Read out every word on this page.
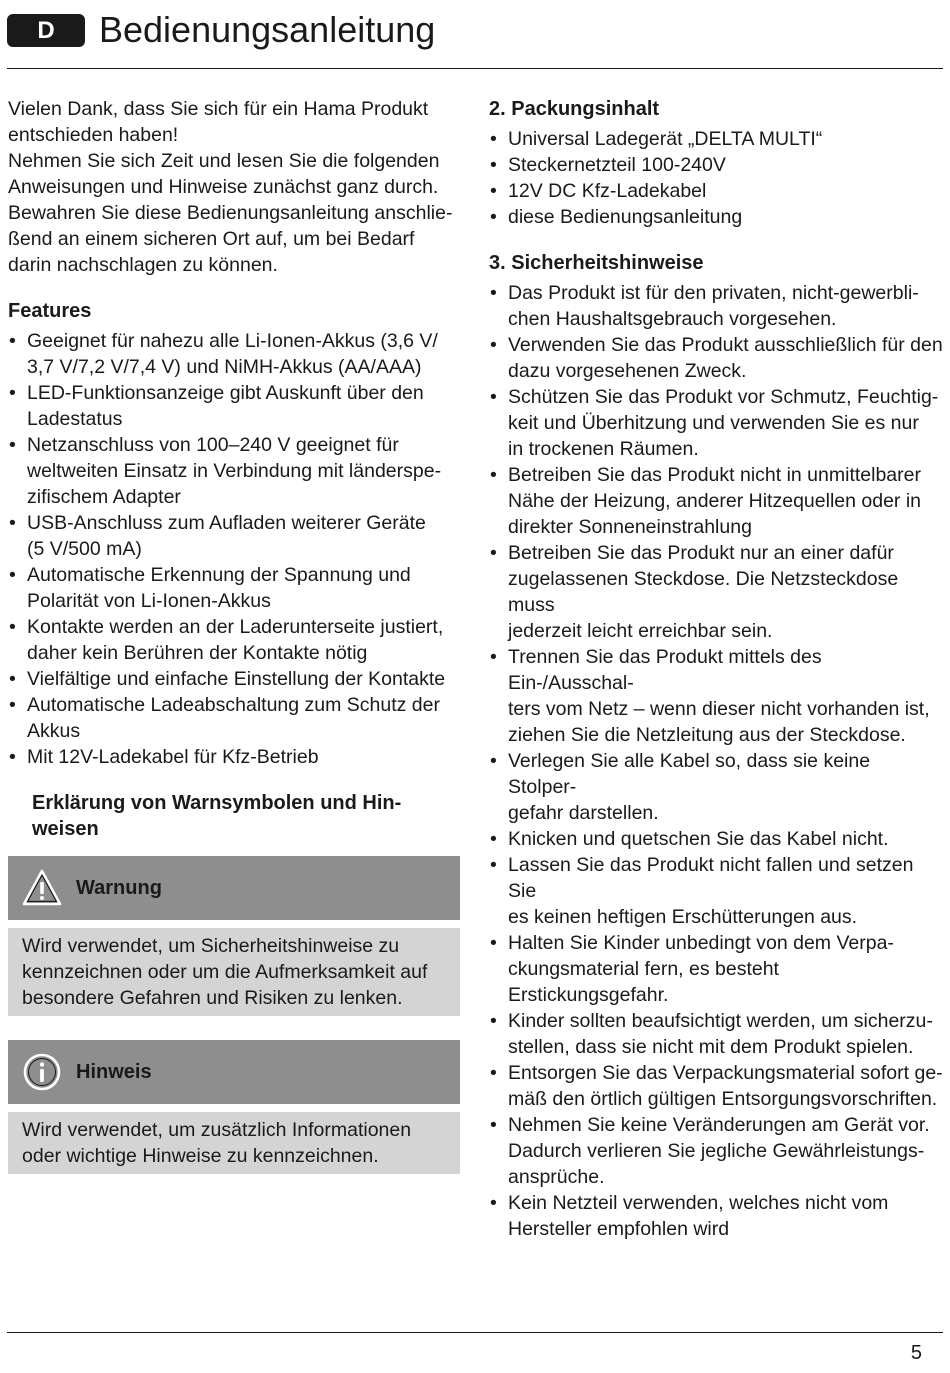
D	Bedienungsanleitung

Vielen Dank, dass Sie sich für ein Hama Produkt
entschieden haben!
Nehmen Sie sich Zeit und lesen Sie die folgenden
Anweisungen und Hinweise zunächst ganz durch.
Bewahren Sie diese Bedienungsanleitung anschlie-
ßend an einem sicheren Ort auf, um bei Bedarf
darin nachschlagen zu können.

Features
• Geeignet für nahezu alle Li-Ionen-Akkus (3,6 V/
3,7 V/7,2 V/7,4 V) und NiMH-Akkus (AA/AAA)
• LED-Funktionsanzeige gibt Auskunft über den
Ladestatus
• Netzanschluss von 100–240 V geeignet für
weltweiten Einsatz in Verbindung mit länderspe-
zifischem Adapter
• USB-Anschluss zum Aufladen weiterer Geräte
(5 V/500 mA)
• Automatische Erkennung der Spannung und
Polarität von Li-Ionen-Akkus
• Kontakte werden an der Laderunterseite justiert,
daher kein Berühren der Kontakte nötig
• Vielfältige und einfache Einstellung der Kontakte
• Automatische Ladeabschaltung zum Schutz der
Akkus
• Mit 12V-Ladekabel für Kfz-Betrieb
Erklärung von Warnsymbolen und Hin-
weisen
Warnung
Wird verwendet, um Sicherheitshinweise zu
kennzeichnen oder um die Aufmerksamkeit auf
besondere Gefahren und Risiken zu lenken.
Hinweis
Wird verwendet, um zusätzlich Informationen
oder wichtige Hinweise zu kennzeichnen.
2. Packungsinhalt
• Universal Ladegerät „DELTA MULTI“
• Steckernetzteil 100-240V
• 12V DC Kfz-Ladekabel
• diese Bedienungsanleitung
3. Sicherheitshinweise
• Das Produkt ist für den privaten, nicht-gewerbli-
chen Haushaltsgebrauch vorgesehen.
• Verwenden Sie das Produkt ausschließlich für den
dazu vorgesehenen Zweck.
• Schützen Sie das Produkt vor Schmutz, Feuchtig-
keit und Überhitzung und verwenden Sie es nur
in trockenen Räumen.
• Betreiben Sie das Produkt nicht in unmittelbarer
Nähe der Heizung, anderer Hitzequellen oder in
direkter Sonneneinstrahlung
• Betreiben Sie das Produkt nur an einer dafür
zugelassenen Steckdose. Die Netzsteckdose muss
jederzeit leicht erreichbar sein.
• Trennen Sie das Produkt mittels des Ein-/Ausschal-
ters vom Netz – wenn dieser nicht vorhanden ist,
ziehen Sie die Netzleitung aus der Steckdose.
• Verlegen Sie alle Kabel so, dass sie keine Stolper-
gefahr darstellen.
• Knicken und quetschen Sie das Kabel nicht.
• Lassen Sie das Produkt nicht fallen und setzen Sie
es keinen heftigen Erschütterungen aus.
• Halten Sie Kinder unbedingt von dem Verpa-
ckungsmaterial fern, es besteht Erstickungsgefahr.
• Kinder sollten beaufsichtigt werden, um sicherzu-
stellen, dass sie nicht mit dem Produkt spielen.
• Entsorgen Sie das Verpackungsmaterial sofort ge-
mäß den örtlich gültigen Entsorgungsvorschriften.
• Nehmen Sie keine Veränderungen am Gerät vor.
Dadurch verlieren Sie jegliche Gewährleistungs-
ansprüche.
• Kein Netzteil verwenden, welches nicht vom
Hersteller empfohlen wird
5
